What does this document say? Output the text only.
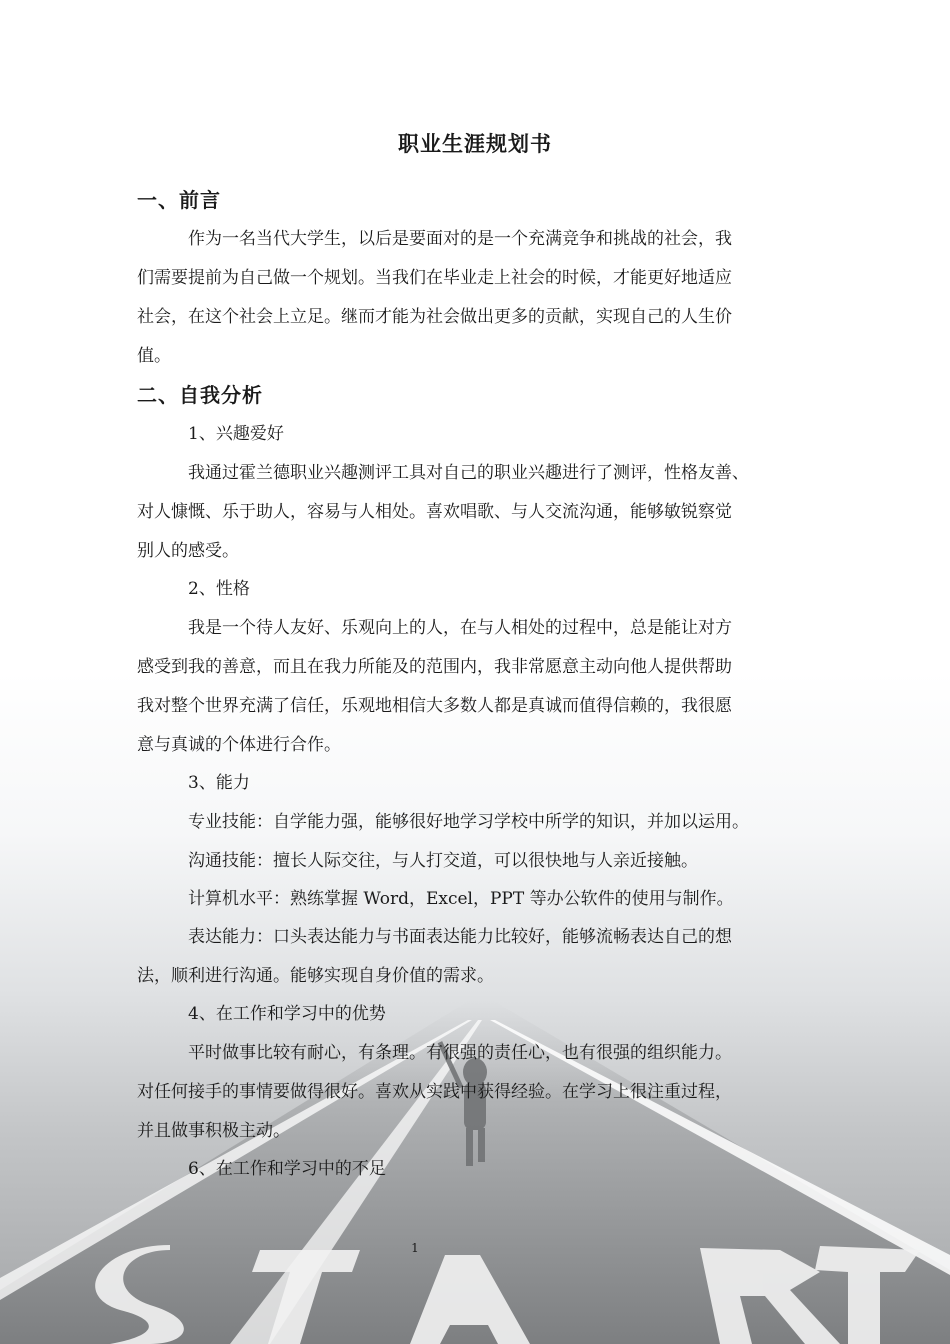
职业生涯规划书
一、前言
作为一名当代大学生，以后是要面对的是一个充满竞争和挑战的社会，我
们需要提前为自己做一个规划。当我们在毕业走上社会的时候，才能更好地适应
社会，在这个社会上立足。继而才能为社会做出更多的贡献，实现自己的人生价
值。
二、自我分析
1、兴趣爱好
我通过霍兰德职业兴趣测评工具对自己的职业兴趣进行了测评，性格友善、
对人慷慨、乐于助人，容易与人相处。喜欢唱歌、与人交流沟通，能够敏锐察觉
别人的感受。
2、性格
我是一个待人友好、乐观向上的人，在与人相处的过程中，总是能让对方
感受到我的善意，而且在我力所能及的范围内，我非常愿意主动向他人提供帮助
我对整个世界充满了信任，乐观地相信大多数人都是真诚而值得信赖的，我很愿
意与真诚的个体进行合作。
3、能力
专业技能：自学能力强，能够很好地学习学校中所学的知识，并加以运用。
沟通技能：擅长人际交往，与人打交道，可以很快地与人亲近接触。
计算机水平：熟练掌握 Word，Excel，PPT 等办公软件的使用与制作。
表达能力：口头表达能力与书面表达能力比较好，能够流畅表达自己的想
法，顺利进行沟通。能够实现自身价值的需求。
4、在工作和学习中的优势
平时做事比较有耐心，有条理。有很强的责任心，也有很强的组织能力。
对任何接手的事情要做得很好。喜欢从实践中获得经验。在学习上很注重过程，
并且做事积极主动。
6、在工作和学习中的不足
1
